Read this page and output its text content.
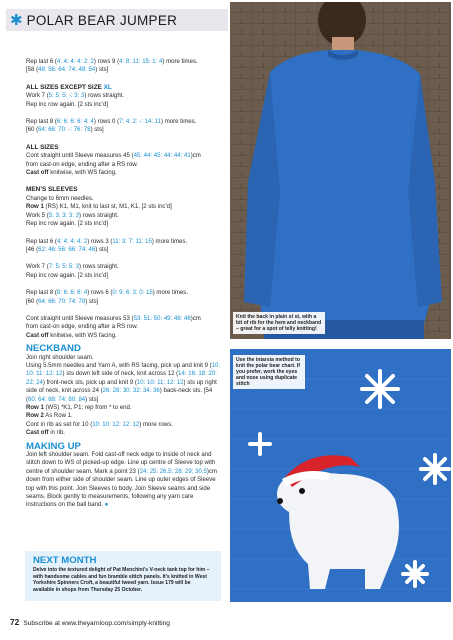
✱ POLAR BEAR JUMPER

Rep last 6 (4: 4: 4: 4: 2: 2) rows 9 (4: 8: 11: 15: 1: 4) more times.

[58 (48: 56: 64: 74: 48: 54) sts]

ALL SIZES EXCEPT SIZE XL

Work 7 (5: 5: 5: -: 3: 3) rows straight.

Rep inc row again. [2 sts inc’d]

Rep last 8 (6: 6: 6: 6: 4: 4) rows 0 (7: 4: 2: -: 14: 11) more times.

[60 (64: 66: 70: -: 76: 78) sts]

ALL SIZES

Cont straight until Sleeve measures 45 (45: 44: 45: 44: 44: 41)cm

from cast-on edge, ending after a RS row.

Cast off knitwise, with WS facing.

MEN’S SLEEVES

Change to 6mm needles.

Row 1 (RS) K1, M1, knit to last st, M1, K1. [2 sts inc’d]

Work 5 (5: 3: 3: 3: 3) rows straight.

Rep inc row again. [2 sts inc’d]

Rep last 6 (4: 4: 4: 4: 2) rows 3 (11: 3: 7: 11: 15) more times.

[46 (62: 46: 56: 66: 74: 46) sts]

Work 7 (7: 5: 5: 5: 3) rows straight.

Rep inc row again. [2 sts inc’d]

Rep last 8 (8: 6: 6: 6: 4) rows 6 (0: 9: 6: 3: 0: 15) more times.

[60 (64: 66: 70: 74: 78) sts]

Cont straight until Sleeve measures 53 (53: 51: 50: 49: 48: 46)cm

from cast-on edge, ending after a RS row.

Cast off knitwise, with WS facing.

NECKBAND

Join right shoulder seam.

Using 5.5mm needles and Yarn A, with RS facing, pick up and knit 9 (10: 10: 11: 12: 12) sts down left side of neck, knit across 12 (14: 16: 18: 20: 22: 24) front-neck sts, pick up and knit 9 (10: 10: 11: 12: 12) sts up right side of neck, knit across 24 (26: 28: 30: 32: 34: 36) back-neck sts. [54 (60: 64: 68: 74: 80: 84) sts]

Row 1 (WS) *K1, P1; rep from * to end.

Row 2 As Row 1.

Cont in rib as set for 10 (10: 10: 12: 12: 12) more rows.

Cast off in rib.

MAKING UP

Join left shoulder seam. Fold cast-off neck edge to inside of neck and stitch down to WS of picked-up edge. Line up centre of Sleeve top with centre of shoulder seam. Mark a point 23 (24: 25: 26.5: 28: 29: 30.5)cm down from either side of shoulder seam. Line up outer edges of Sleeve top with this point. Join Sleeves to body. Join Sleeve seams and side seams. Block gently to measurements, following any yarn care instructions on the ball band. ●

Knit the back in plain st st, with a bit of rib for the hem and neckband – great for a spot of telly knitting!
Use the intarsia method to knit the polar bear chart. If you prefer, work the eyes and nose using duplicate stitch
NEXT MONTH
Delve into the textured delight of Pat Menchini’s V-neck tank top for him – with handsome cables and fun bramble stitch panels. It’s knitted in West Yorkshire Spinners Croft, a beautiful tweed yarn. Issue 179 will be available in shops from Thursday 25 October.
72 Subscribe at www.theyarnloop.com/simply-knitting
